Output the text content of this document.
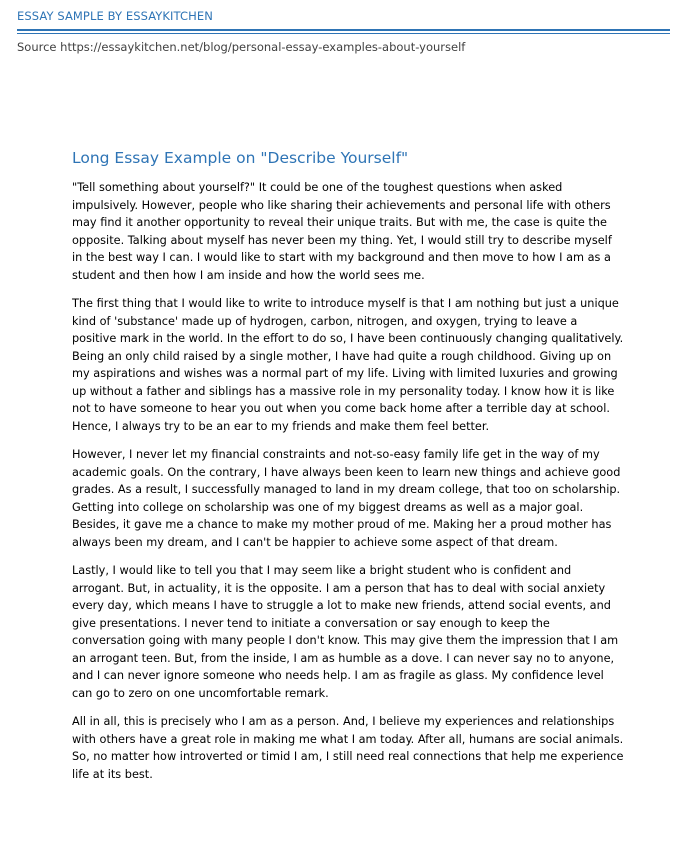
ESSAY SAMPLE BY ESSAYKITCHEN
Source https://essaykitchen.net/blog/personal-essay-examples-about-yourself
Long Essay Example on "Describe Yourself"

"Tell something about yourself?" It could be one of the toughest questions when asked impulsively. However, people who like sharing their achievements and personal life with others may find it another opportunity to reveal their unique traits. But with me, the case is quite the opposite. Talking about myself has never been my thing. Yet, I would still try to describe myself in the best way I can. I would like to start with my background and then move to how I am as a student and then how I am inside and how the world sees me.

The first thing that I would like to write to introduce myself is that I am nothing but just a unique kind of 'substance' made up of hydrogen, carbon, nitrogen, and oxygen, trying to leave a positive mark in the world. In the effort to do so, I have been continuously changing qualitatively. Being an only child raised by a single mother, I have had quite a rough childhood. Giving up on my aspirations and wishes was a normal part of my life. Living with limited luxuries and growing up without a father and siblings has a massive role in my personality today. I know how it is like not to have someone to hear you out when you come back home after a terrible day at school. Hence, I always try to be an ear to my friends and make them feel better.

However, I never let my financial constraints and not-so-easy family life get in the way of my academic goals. On the contrary, I have always been keen to learn new things and achieve good grades. As a result, I successfully managed to land in my dream college, that too on scholarship. Getting into college on scholarship was one of my biggest dreams as well as a major goal. Besides, it gave me a chance to make my mother proud of me. Making her a proud mother has always been my dream, and I can't be happier to achieve some aspect of that dream.

Lastly, I would like to tell you that I may seem like a bright student who is confident and arrogant. But, in actuality, it is the opposite. I am a person that has to deal with social anxiety every day, which means I have to struggle a lot to make new friends, attend social events, and give presentations. I never tend to initiate a conversation or say enough to keep the conversation going with many people I don't know. This may give them the impression that I am an arrogant teen. But, from the inside, I am as humble as a dove. I can never say no to anyone, and I can never ignore someone who needs help. I am as fragile as glass. My confidence level can go to zero on one uncomfortable remark.

All in all, this is precisely who I am as a person. And, I believe my experiences and relationships with others have a great role in making me what I am today. After all, humans are social animals. So, no matter how introverted or timid I am, I still need real connections that help me experience life at its best.
